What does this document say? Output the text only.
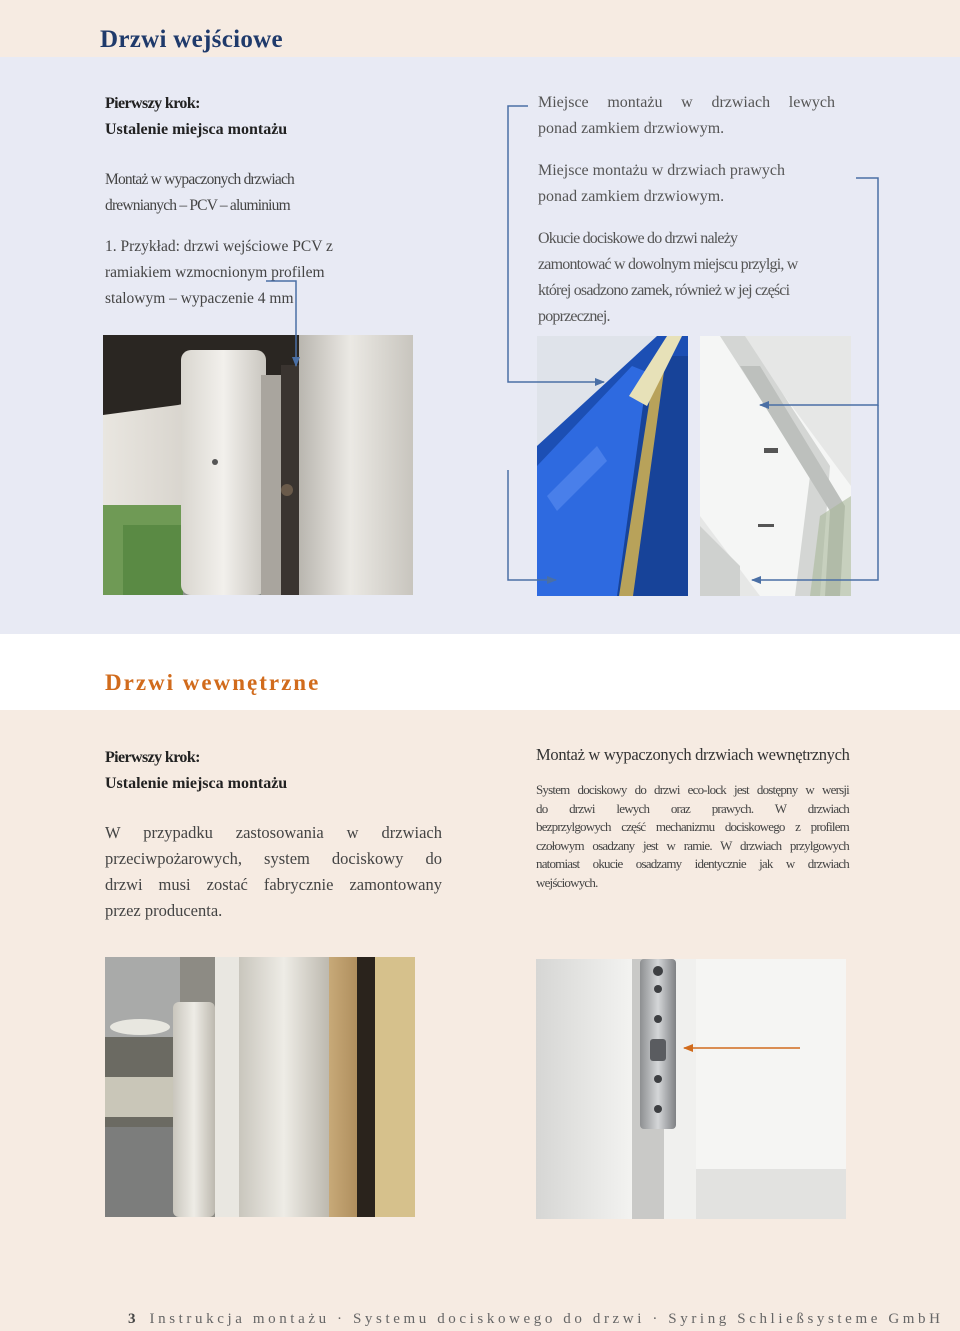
Drzwi wejściowe
Pierwszy krok:
Ustalenie miejsca montażu
Montaż w wypaczonych drzwiach
drewnianych – PCV – aluminium
1. Przykład: drzwi wejściowe PCV z
ramiakiem wzmocnionym profilem
stalowym – wypaczenie 4 mm
Miejsce montażu w drzwiach lewych
ponad zamkiem drzwiowym.
Miejsce montażu w drzwiach prawych
ponad zamkiem drzwiowym.
Okucie dociskowe do drzwi należy
zamontować w dowolnym miejscu przylgi, w
której osadzono zamek, również w jej części
poprzecznej.
Drzwi wewnętrzne
Pierwszy krok:
Ustalenie miejsca montażu
W przypadku zastosowania w drzwiach
przeciwpożarowych, system dociskowy do
drzwi musi zostać fabrycznie zamontowany
przez producenta.
Montaż w wypaczonych drzwiach wewnętrznych
System dociskowy do drzwi eco-lock jest dostępny w wersji
do drzwi lewych oraz prawych. W drzwiach
bezprzylgowych część mechanizmu dociskowego z profilem
czołowym osadzany jest w ramie. W drzwiach przylgowych
natomiast okucie osadzamy identycznie jak w drzwiach
wejściowych.
3 Instrukcja montażu · Systemu dociskowego do drzwi · Syring Schließsysteme GmbH
